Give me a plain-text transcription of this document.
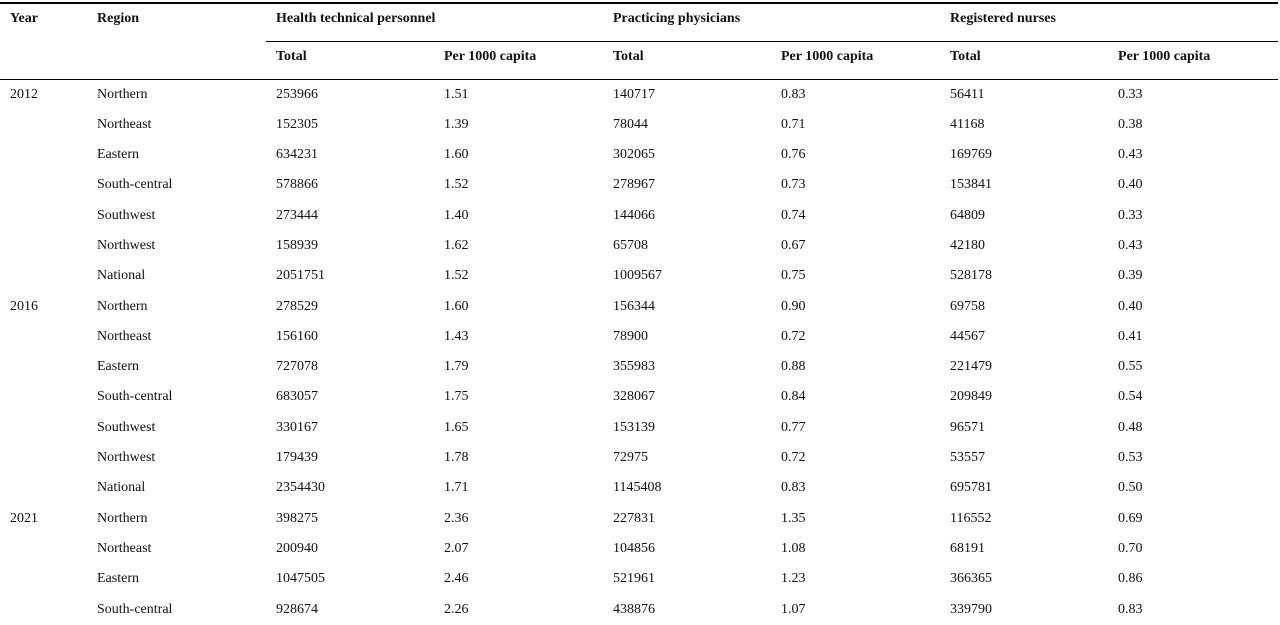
Year	Region	Health technical personnel		Practicing physicians		Registered nurses	
		Total	Per 1000 capita	Total	Per 1000 capita	Total	Per 1000 capita
2012	Northern	253966	1.51	140717	0.83	56411	0.33
	Northeast	152305	1.39	78044	0.71	41168	0.38
	Eastern	634231	1.60	302065	0.76	169769	0.43
	South-central	578866	1.52	278967	0.73	153841	0.40
	Southwest	273444	1.40	144066	0.74	64809	0.33
	Northwest	158939	1.62	65708	0.67	42180	0.43
	National	2051751	1.52	1009567	0.75	528178	0.39
2016	Northern	278529	1.60	156344	0.90	69758	0.40
	Northeast	156160	1.43	78900	0.72	44567	0.41
	Eastern	727078	1.79	355983	0.88	221479	0.55
	South-central	683057	1.75	328067	0.84	209849	0.54
	Southwest	330167	1.65	153139	0.77	96571	0.48
	Northwest	179439	1.78	72975	0.72	53557	0.53
	National	2354430	1.71	1145408	0.83	695781	0.50
2021	Northern	398275	2.36	227831	1.35	116552	0.69
	Northeast	200940	2.07	104856	1.08	68191	0.70
	Eastern	1047505	2.46	521961	1.23	366365	0.86
	South-central	928674	2.26	438876	1.07	339790	0.83
